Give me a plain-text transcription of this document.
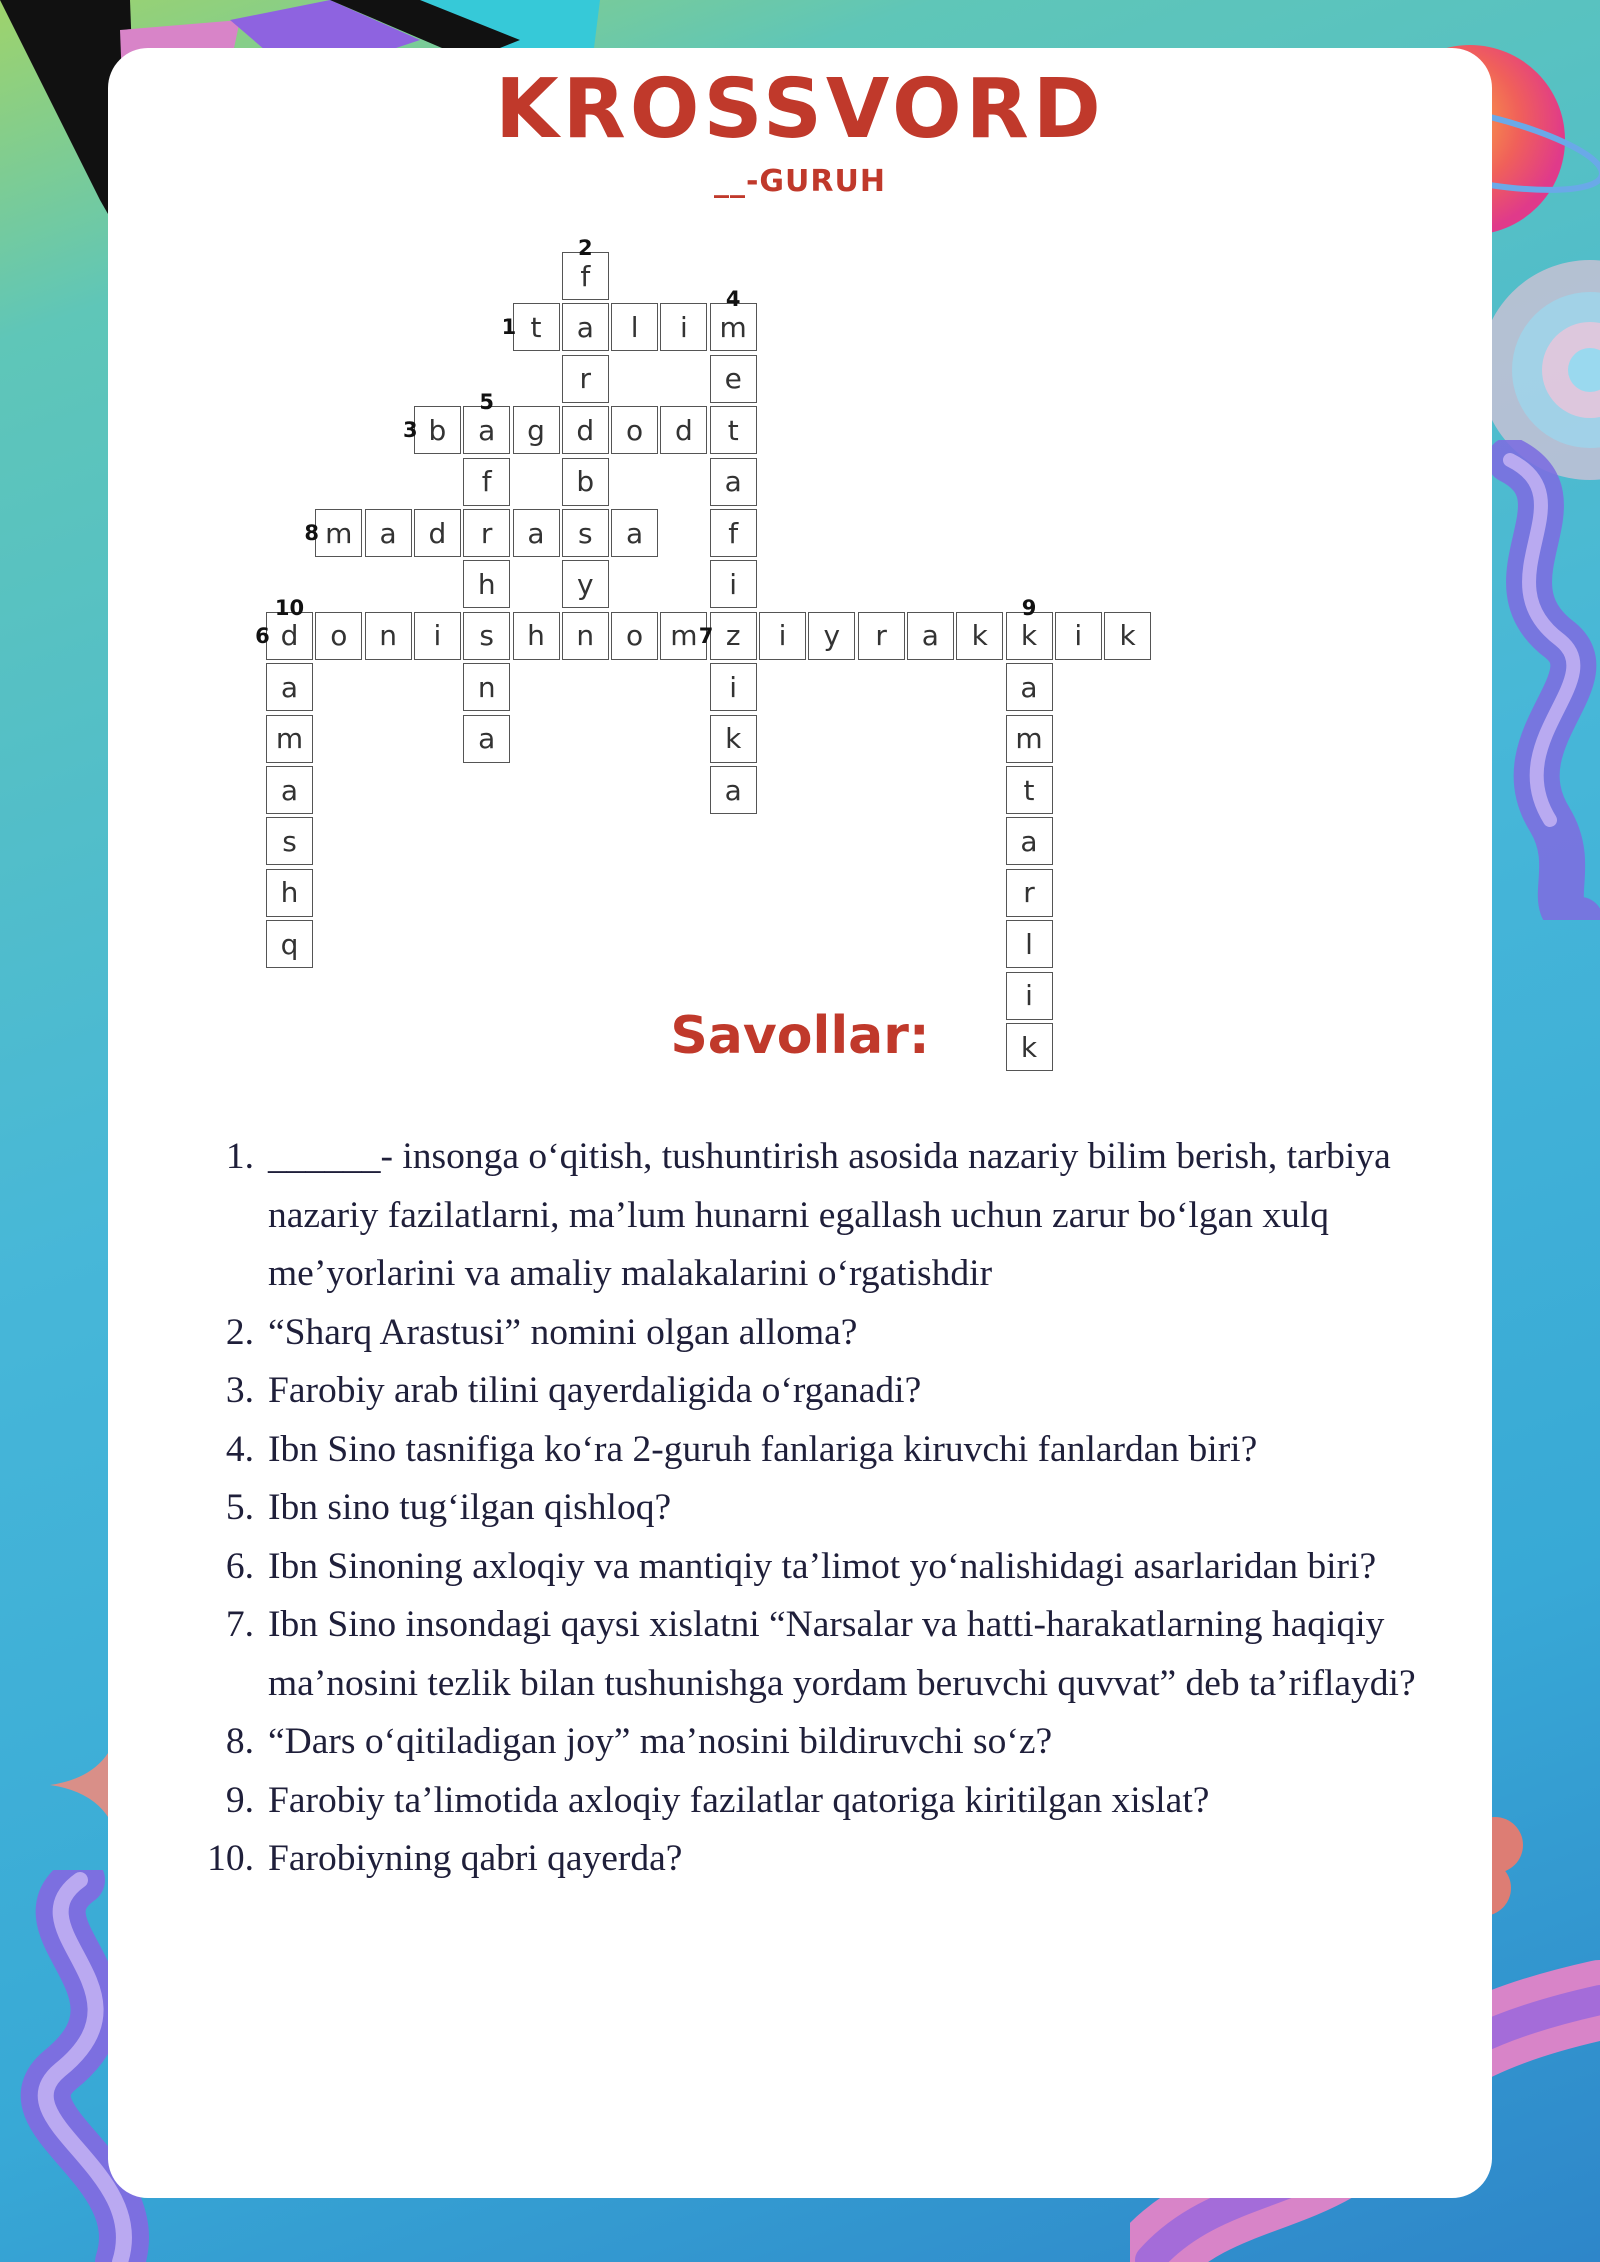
KROSSVORD
__-GURUH
t	a	l	i	m
f
r
d
b
s
y
b	a	g	o	d
e
t
a
f
i
z
i
k
a
f
r
h
s
n
a
d	o	n	i	h	n	o m	i	y	r	a	k	k	i	k
m a	d	a	a
a
m
t
a
r
l
i
k
a
m
a
s
h
q
1
2
3
4
5
6	7
8
9
10
Savollar:
1. ______- insonga o‘qitish, tushuntirish asosida nazariy bilim berish, tarbiya nazariy fazilatlarni, ma’lum hunarni egallash uchun zarur bo‘lgan xulq me’yorlarini va amaliy malakalarini o‘rgatishdir
2. “Sharq Arastusi” nomini olgan alloma?
3. Farobiy arab tilini qayerdaligida o‘rganadi?
4. Ibn Sino tasnifiga ko‘ra 2-guruh fanlariga kiruvchi fanlardan biri?
5. Ibn sino tug‘ilgan qishloq?
6. Ibn Sinoning axloqiy va mantiqiy ta’limot yo‘nalishidagi asarlaridan biri?
7. Ibn Sino insondagi qaysi xislatni “Narsalar va hatti-harakatlarning haqiqiy ma’nosini tezlik bilan tushunishga yordam beruvchi quvvat” deb ta’riflaydi?
8. “Dars o‘qitiladigan joy” ma’nosini bildiruvchi so‘z?
9. Farobiy ta’limotida axloqiy fazilatlar qatoriga kiritilgan xislat?
10. Farobiyning qabri qayerda?
